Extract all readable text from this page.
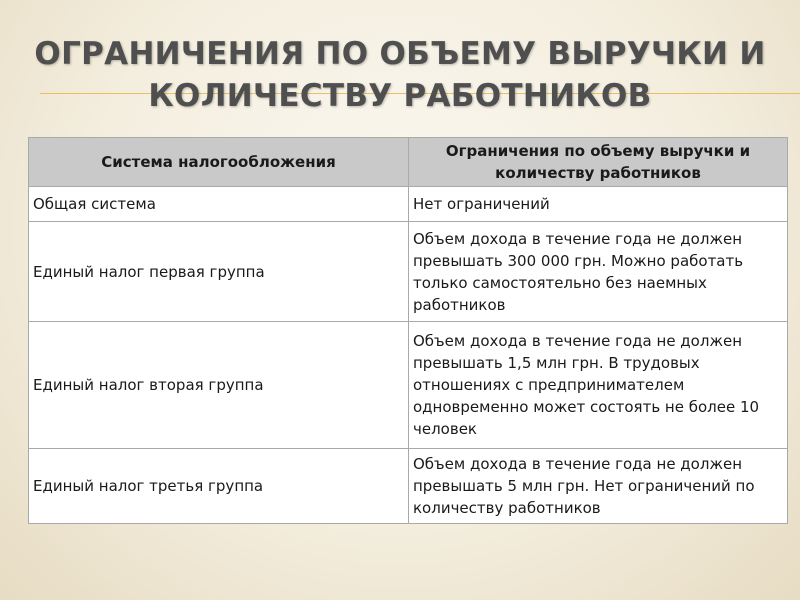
ОГРАНИЧЕНИЯ ПО ОБЪЕМУ ВЫРУЧКИ И
КОЛИЧЕСТВУ РАБОТНИКОВ
Система налогообложения	Ограничения по объему выручки и количеству работников
Общая система	Нет ограничений
Единый налог первая группа	Объем дохода в течение года не должен превышать 300 000 грн. Можно работать только самостоятельно без наемных работников
Единый налог вторая группа	Объем дохода в течение года не должен превышать 1,5 млн грн. В трудовых отношениях с предпринимателем одновременно может состоять не более 10 человек
Единый налог третья группа	Объем дохода в течение года не должен превышать 5 млн грн. Нет ограничений по количеству работников
